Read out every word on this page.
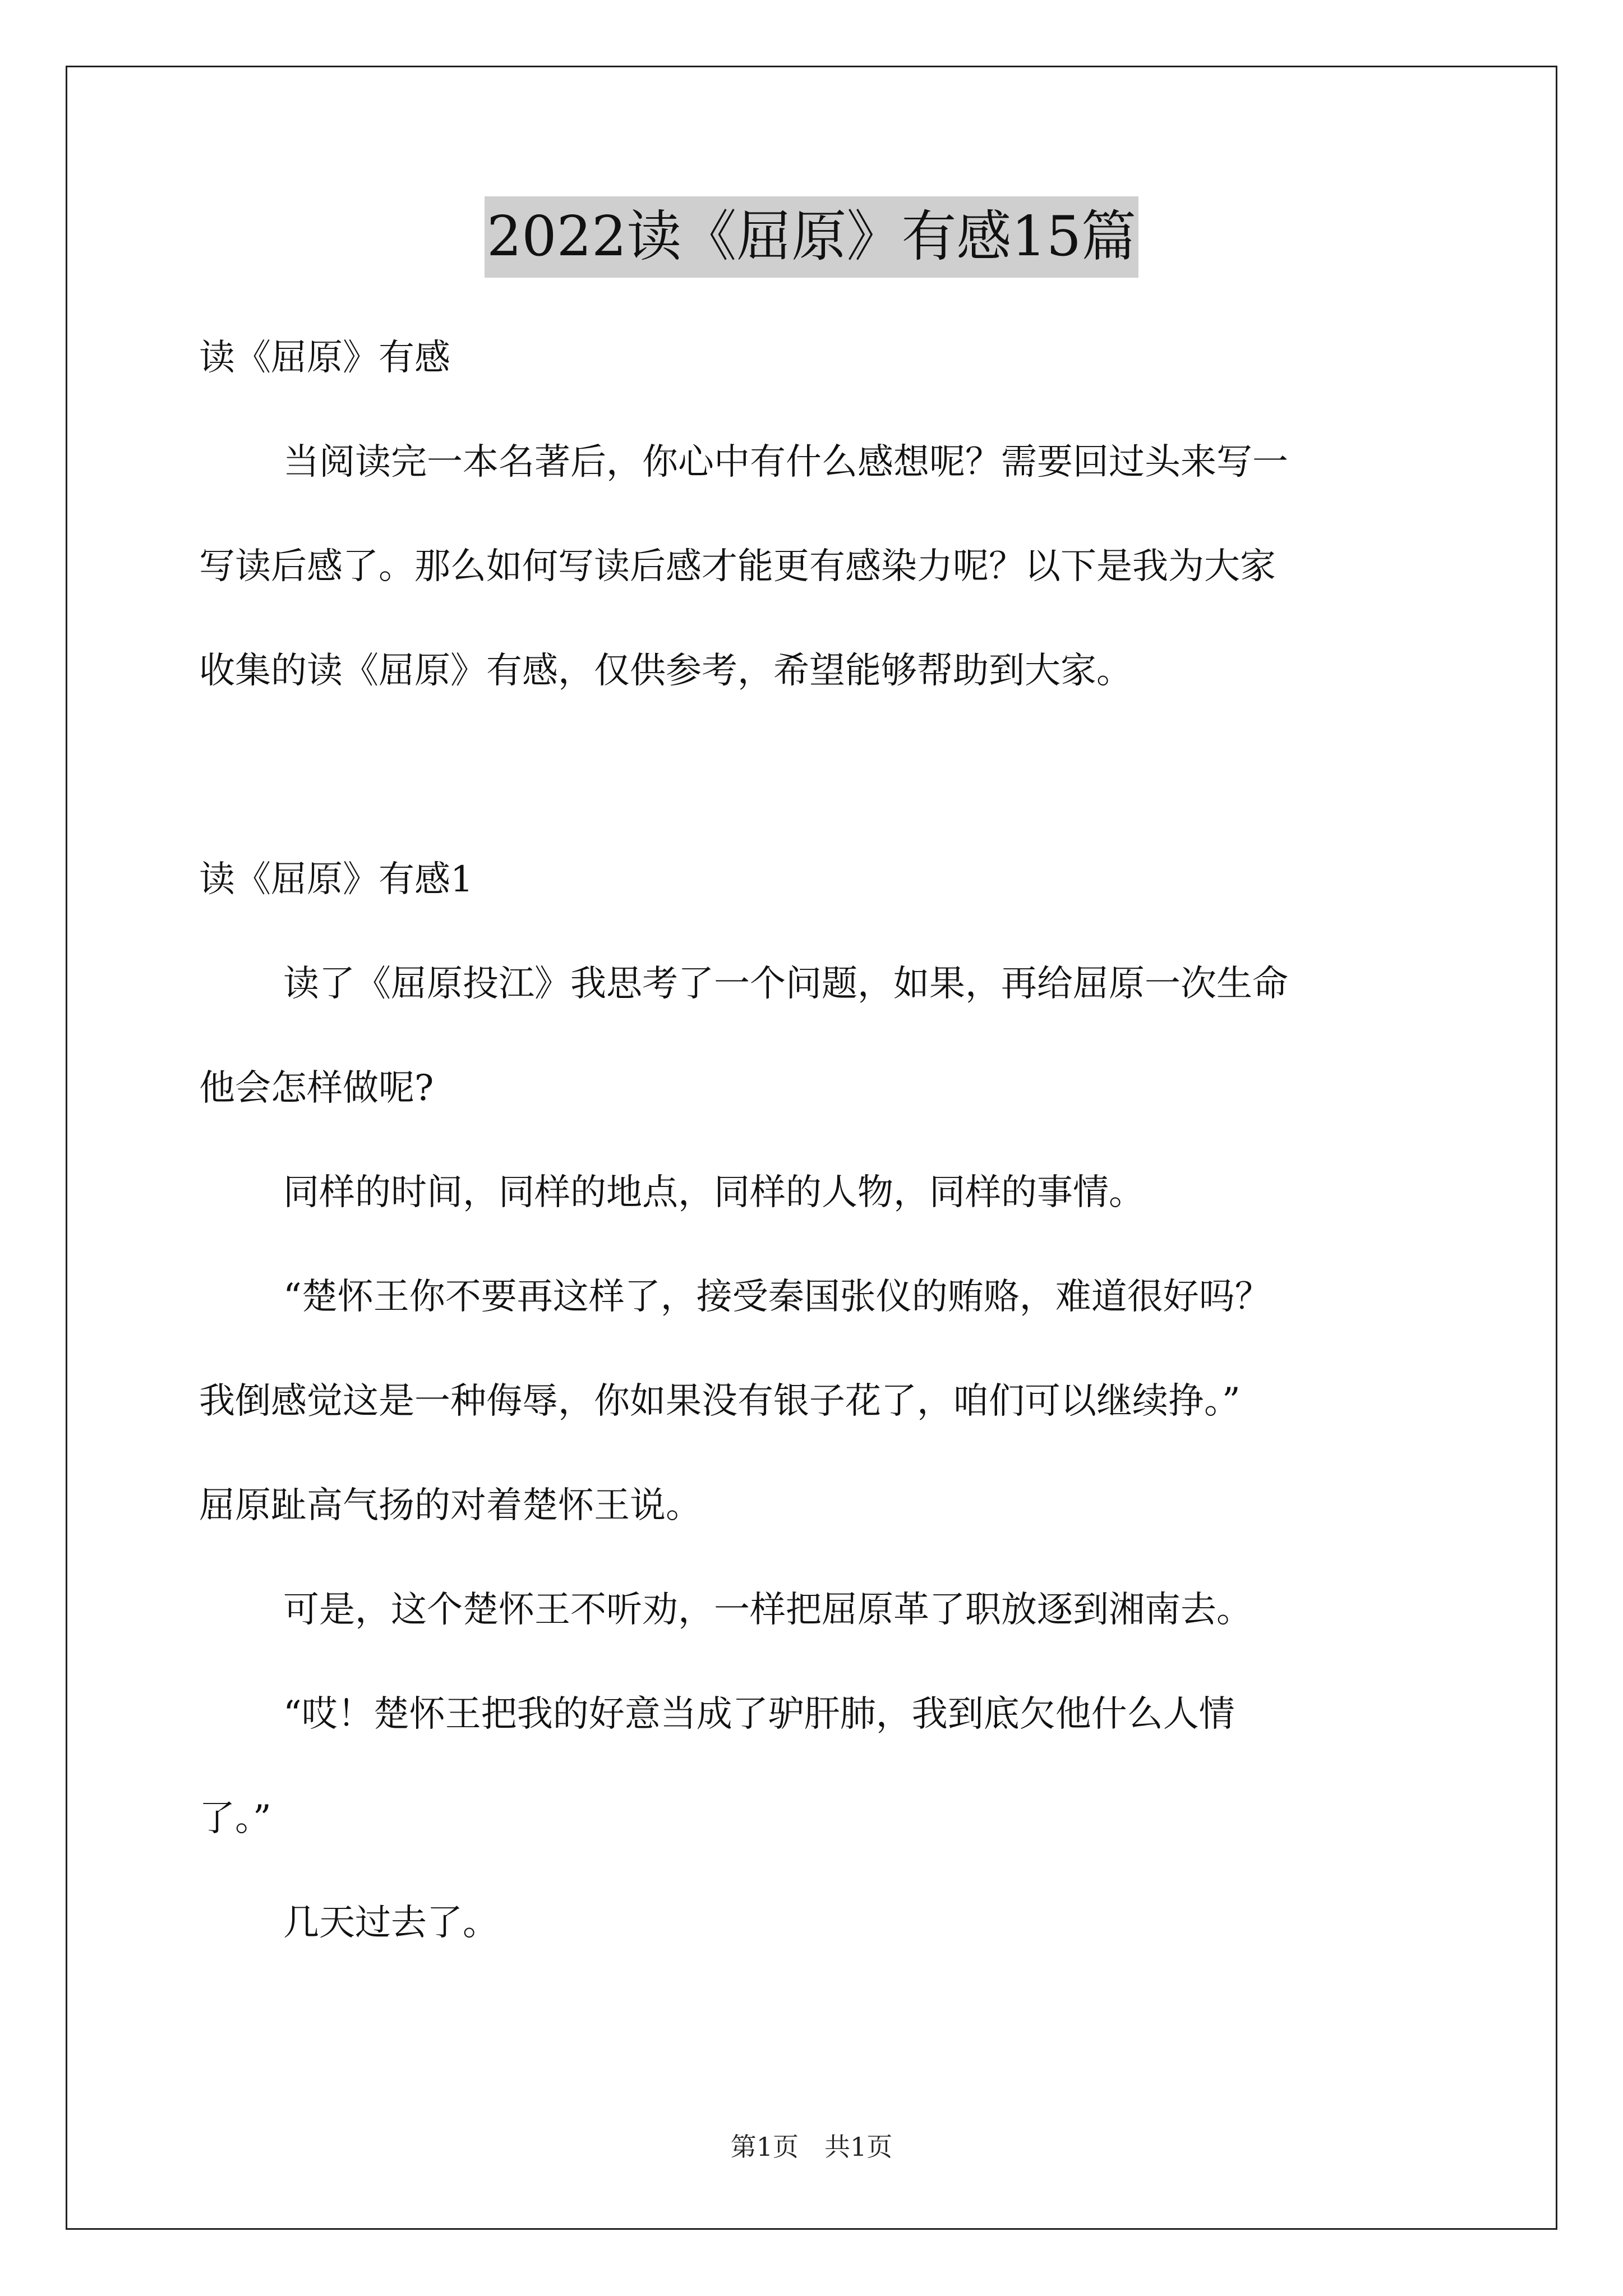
2022读《屈原》有感15篇
读《屈原》有感
当阅读完一本名著后，你心中有什么感想呢？需要回过头来写一
写读后感了。那么如何写读后感才能更有感染力呢？以下是我为大家
收集的读《屈原》有感，仅供参考，希望能够帮助到大家。
读《屈原》有感1
读了《屈原投江》我思考了一个问题，如果，再给屈原一次生命
他会怎样做呢?
同样的时间，同样的地点，同样的人物，同样的事情。
“楚怀王你不要再这样了，接受秦国张仪的贿赂，难道很好吗？
我倒感觉这是一种侮辱，你如果没有银子花了，咱们可以继续挣。”
屈原趾高气扬的对着楚怀王说。
可是，这个楚怀王不听劝，一样把屈原革了职放逐到湘南去。
“哎！楚怀王把我的好意当成了驴肝肺，我到底欠他什么人情
了。”
几天过去了。
第1页 共1页
